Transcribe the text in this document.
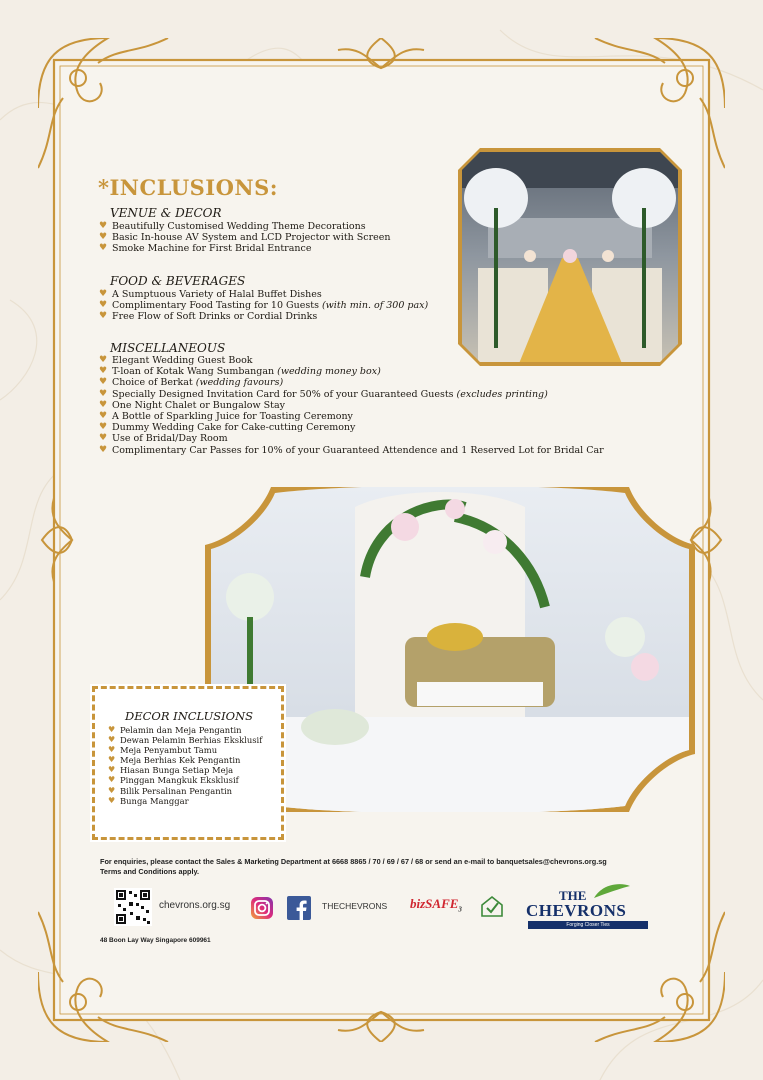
*INCLUSIONS:
VENUE & DECOR
♥ Beautifully Customised Wedding Theme Decorations
♥ Basic In-house AV System and LCD Projector with Screen
♥ Smoke Machine for First Bridal Entrance
FOOD & BEVERAGES
♥ A Sumptuous Variety of Halal Buffet Dishes
♥ Complimentary Food Tasting for 10 Guests (with min. of 300 pax)
♥ Free Flow of Soft Drinks or Cordial Drinks
MISCELLANEOUS
♥ Elegant Wedding Guest Book
♥ T-loan of Kotak Wang Sumbangan (wedding money box)
♥ Choice of Berkat (wedding favours)
♥ Specially Designed Invitation Card for 50% of your Guaranteed Guests (excludes printing)
♥ One Night Chalet or Bungalow Stay
♥ A Bottle of Sparkling Juice for Toasting Ceremony
♥ Dummy Wedding Cake for Cake-cutting Ceremony
♥ Use of Bridal/Day Room
♥ Complimentary Car Passes for 10% of your Guaranteed Attendence and 1 Reserved Lot for Bridal Car
DECOR INCLUSIONS
♥ Pelamin dan Meja Pengantin
♥ Dewan Pelamin Berhias Eksklusif
♥ Meja Penyambut Tamu
♥ Meja Berhias Kek Pengantin
♥ Hiasan Bunga Setiap Meja
♥ Pinggan Mangkuk Eksklusif
♥ Bilik Persalinan Pengantin
♥ Bunga Manggar
For enquiries, please contact the Sales & Marketing Department at 6668 8865 / 70 / 69 / 67 / 68 or send an e-mail to banquetsales@chevrons.org.sg
Terms and Conditions apply.
chevrons.org.sg	THECHEVRONS bizSAFE$_3$
THE
CHEVRONS
Forging Closer Ties
48 Boon Lay Way Singapore 609961
